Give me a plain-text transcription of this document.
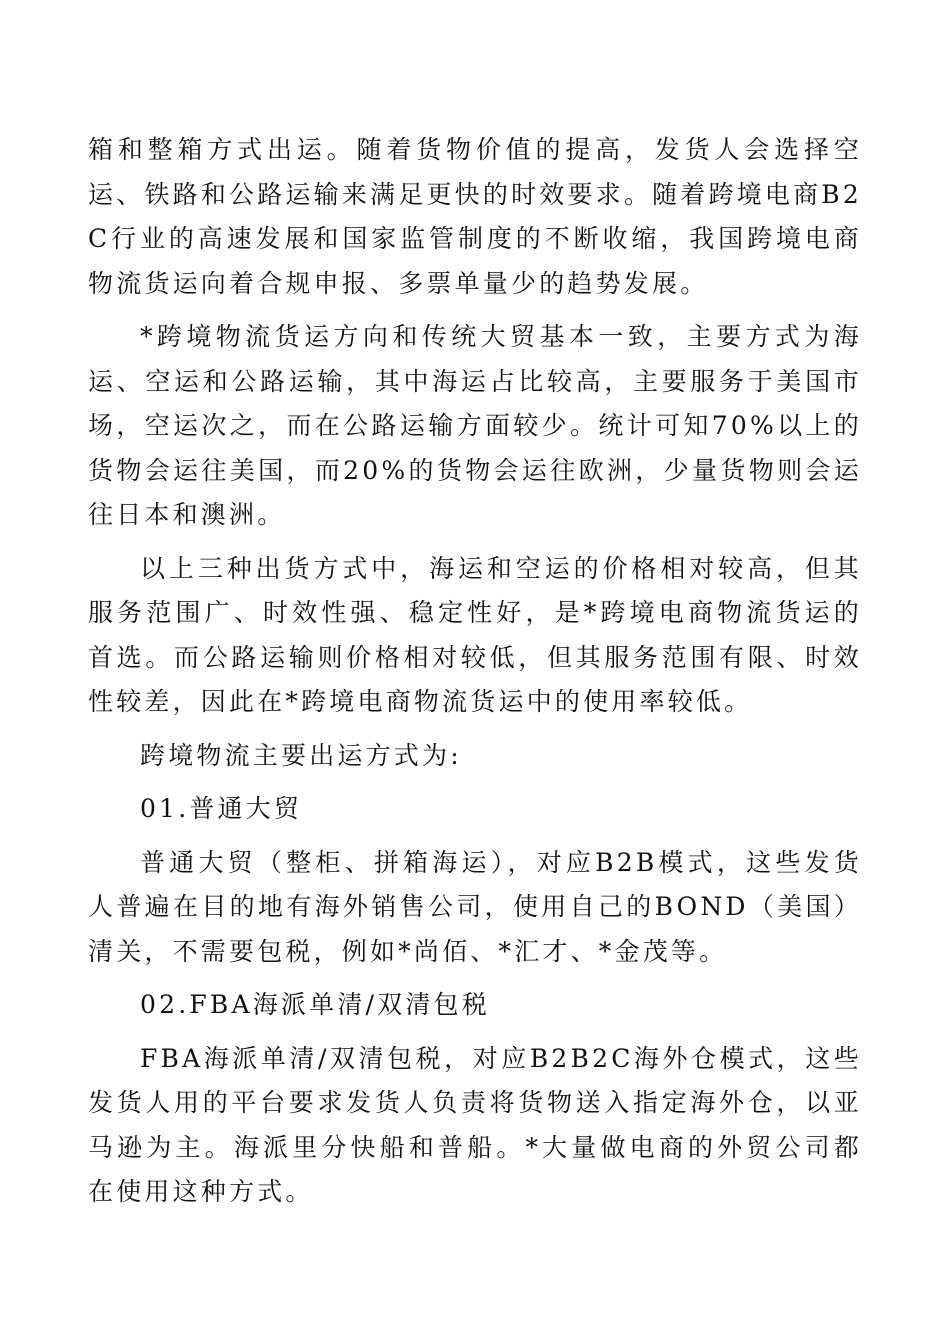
箱和整箱方式出运。随着货物价值的提高，发货人会选择空运、铁路和公路运输来满足更快的时效要求。随着跨境电商B2C行业的高速发展和国家监管制度的不断收缩，我国跨境电商物流货运向着合规申报、多票单量少的趋势发展。

*跨境物流货运方向和传统大贸基本一致，主要方式为海运、空运和公路运输，其中海运占比较高，主要服务于美国市场，空运次之，而在公路运输方面较少。统计可知70%以上的货物会运往美国，而20%的货物会运往欧洲，少量货物则会运往日本和澳洲。

以上三种出货方式中，海运和空运的价格相对较高，但其服务范围广、时效性强、稳定性好，是*跨境电商物流货运的首选。而公路运输则价格相对较低，但其服务范围有限、时效性较差，因此在*跨境电商物流货运中的使用率较低。

跨境物流主要出运方式为:

01.普通大贸

普通大贸（整柜、拼箱海运），对应B2B模式，这些发货人普遍在目的地有海外销售公司，使用自己的BOND（美国）清关，不需要包税，例如*尚佰、*汇才、*金茂等。

02.FBA海派单清/双清包税

FBA海派单清/双清包税，对应B2B2C海外仓模式，这些发货人用的平台要求发货人负责将货物送入指定海外仓，以亚马逊为主。海派里分快船和普船。*大量做电商的外贸公司都在使用这种方式。
